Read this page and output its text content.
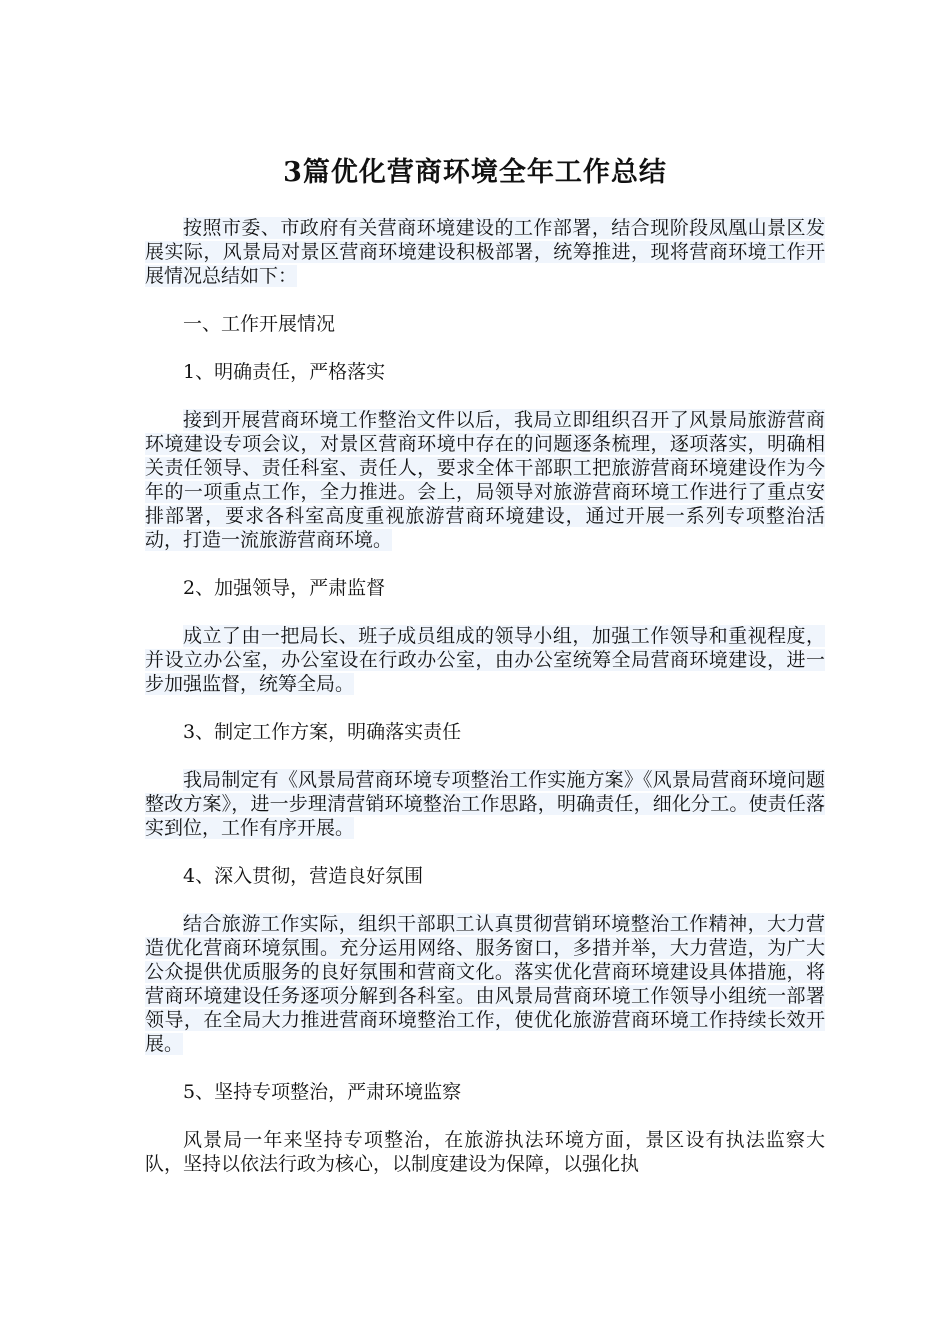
3篇优化营商环境全年工作总结

按照市委、市政府有关营商环境建设的工作部署，结合现阶段凤凰山景区发展实际，风景局对景区营商环境建设积极部署，统筹推进，现将营商环境工作开展情况总结如下：

一、工作开展情况

1、明确责任，严格落实

接到开展营商环境工作整治文件以后，我局立即组织召开了风景局旅游营商环境建设专项会议，对景区营商环境中存在的问题逐条梳理，逐项落实，明确相关责任领导、责任科室、责任人，要求全体干部职工把旅游营商环境建设作为今年的一项重点工作，全力推进。会上，局领导对旅游营商环境工作进行了重点安排部署，要求各科室高度重视旅游营商环境建设，通过开展一系列专项整治活动，打造一流旅游营商环境。

2、加强领导，严肃监督

成立了由一把局长、班子成员组成的领导小组，加强工作领导和重视程度，并设立办公室，办公室设在行政办公室，由办公室统筹全局营商环境建设，进一步加强监督，统筹全局。

3、制定工作方案，明确落实责任

我局制定有《风景局营商环境专项整治工作实施方案》《风景局营商环境问题整改方案》，进一步理清营销环境整治工作思路，明确责任，细化分工。使责任落实到位，工作有序开展。

4、深入贯彻，营造良好氛围

结合旅游工作实际，组织干部职工认真贯彻营销环境整治工作精神，大力营造优化营商环境氛围。充分运用网络、服务窗口，多措并举，大力营造，为广大公众提供优质服务的良好氛围和营商文化。落实优化营商环境建设具体措施，将营商环境建设任务逐项分解到各科室。由风景局营商环境工作领导小组统一部署领导，在全局大力推进营商环境整治工作，使优化旅游营商环境工作持续长效开展。

5、坚持专项整治，严肃环境监察

风景局一年来坚持专项整治，在旅游执法环境方面，景区设有执法监察大队，坚持以依法行政为核心，以制度建设为保障，以强化执
